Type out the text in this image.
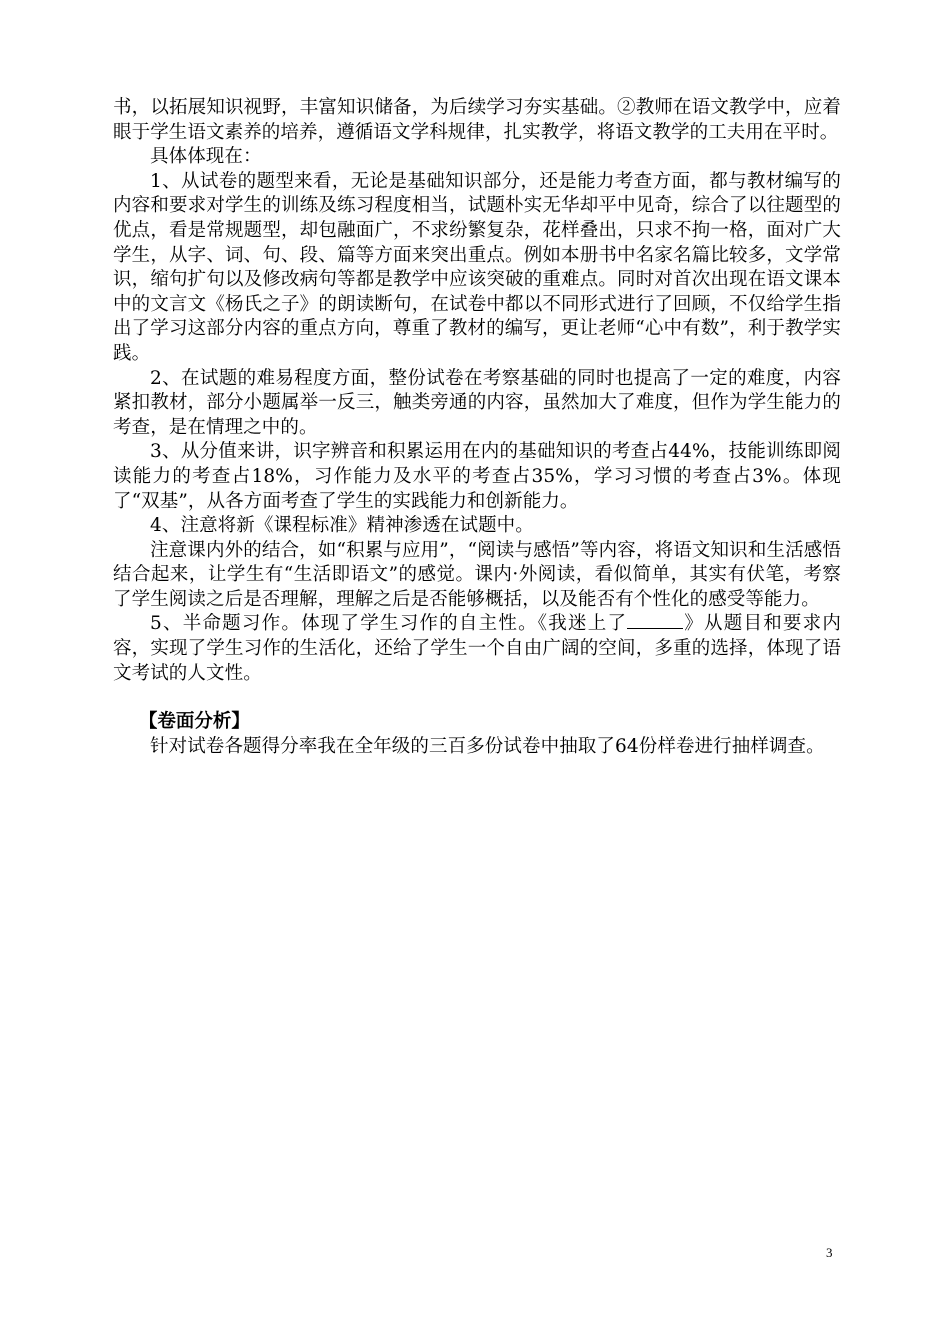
书，以拓展知识视野，丰富知识储备，为后续学习夯实基础。②教师在语文教学中，应着眼于学生语文素养的培养，遵循语文学科规律，扎实教学，将语文教学的工夫用在平时。

具体体现在：

1、从试卷的题型来看，无论是基础知识部分，还是能力考查方面，都与教材编写的内容和要求对学生的训练及练习程度相当，试题朴实无华却平中见奇，综合了以往题型的优点，看是常规题型，却包融面广，不求纷繁复杂，花样叠出，只求不拘一格，面对广大学生，从字、词、句、段、篇等方面来突出重点。例如本册书中名家名篇比较多，文学常识，缩句扩句以及修改病句等都是教学中应该突破的重难点。同时对首次出现在语文课本中的文言文《杨氏之子》的朗读断句，在试卷中都以不同形式进行了回顾，不仅给学生指出了学习这部分内容的重点方向，尊重了教材的编写，更让老师“心中有数”，利于教学实践。

2、在试题的难易程度方面，整份试卷在考察基础的同时也提高了一定的难度，内容紧扣教材，部分小题属举一反三，触类旁通的内容，虽然加大了难度，但作为学生能力的考查，是在情理之中的。

3、从分值来讲，识字辨音和积累运用在内的基础知识的考查占44%，技能训练即阅读能力的考查占18%，习作能力及水平的考查占35%，学习习惯的考查占3%。体现了“双基”，从各方面考查了学生的实践能力和创新能力。

4、注意将新《课程标准》精神渗透在试题中。

注意课内外的结合，如“积累与应用”，“阅读与感悟”等内容，将语文知识和生活感悟结合起来，让学生有“生活即语文”的感觉。课内·外阅读，看似简单，其实有伏笔，考察了学生阅读之后是否理解，理解之后是否能够概括，以及能否有个性化的感受等能力。

5、半命题习作。体现了学生习作的自主性。《我迷上了	》从题目和要求内容，实现了学生习作的生活化，还给了学生一个自由广阔的空间，多重的选择，体现了语文考试的人文性。

【卷面分析】

针对试卷各题得分率我在全年级的三百多份试卷中抽取了64份样卷进行抽样调查。

3
